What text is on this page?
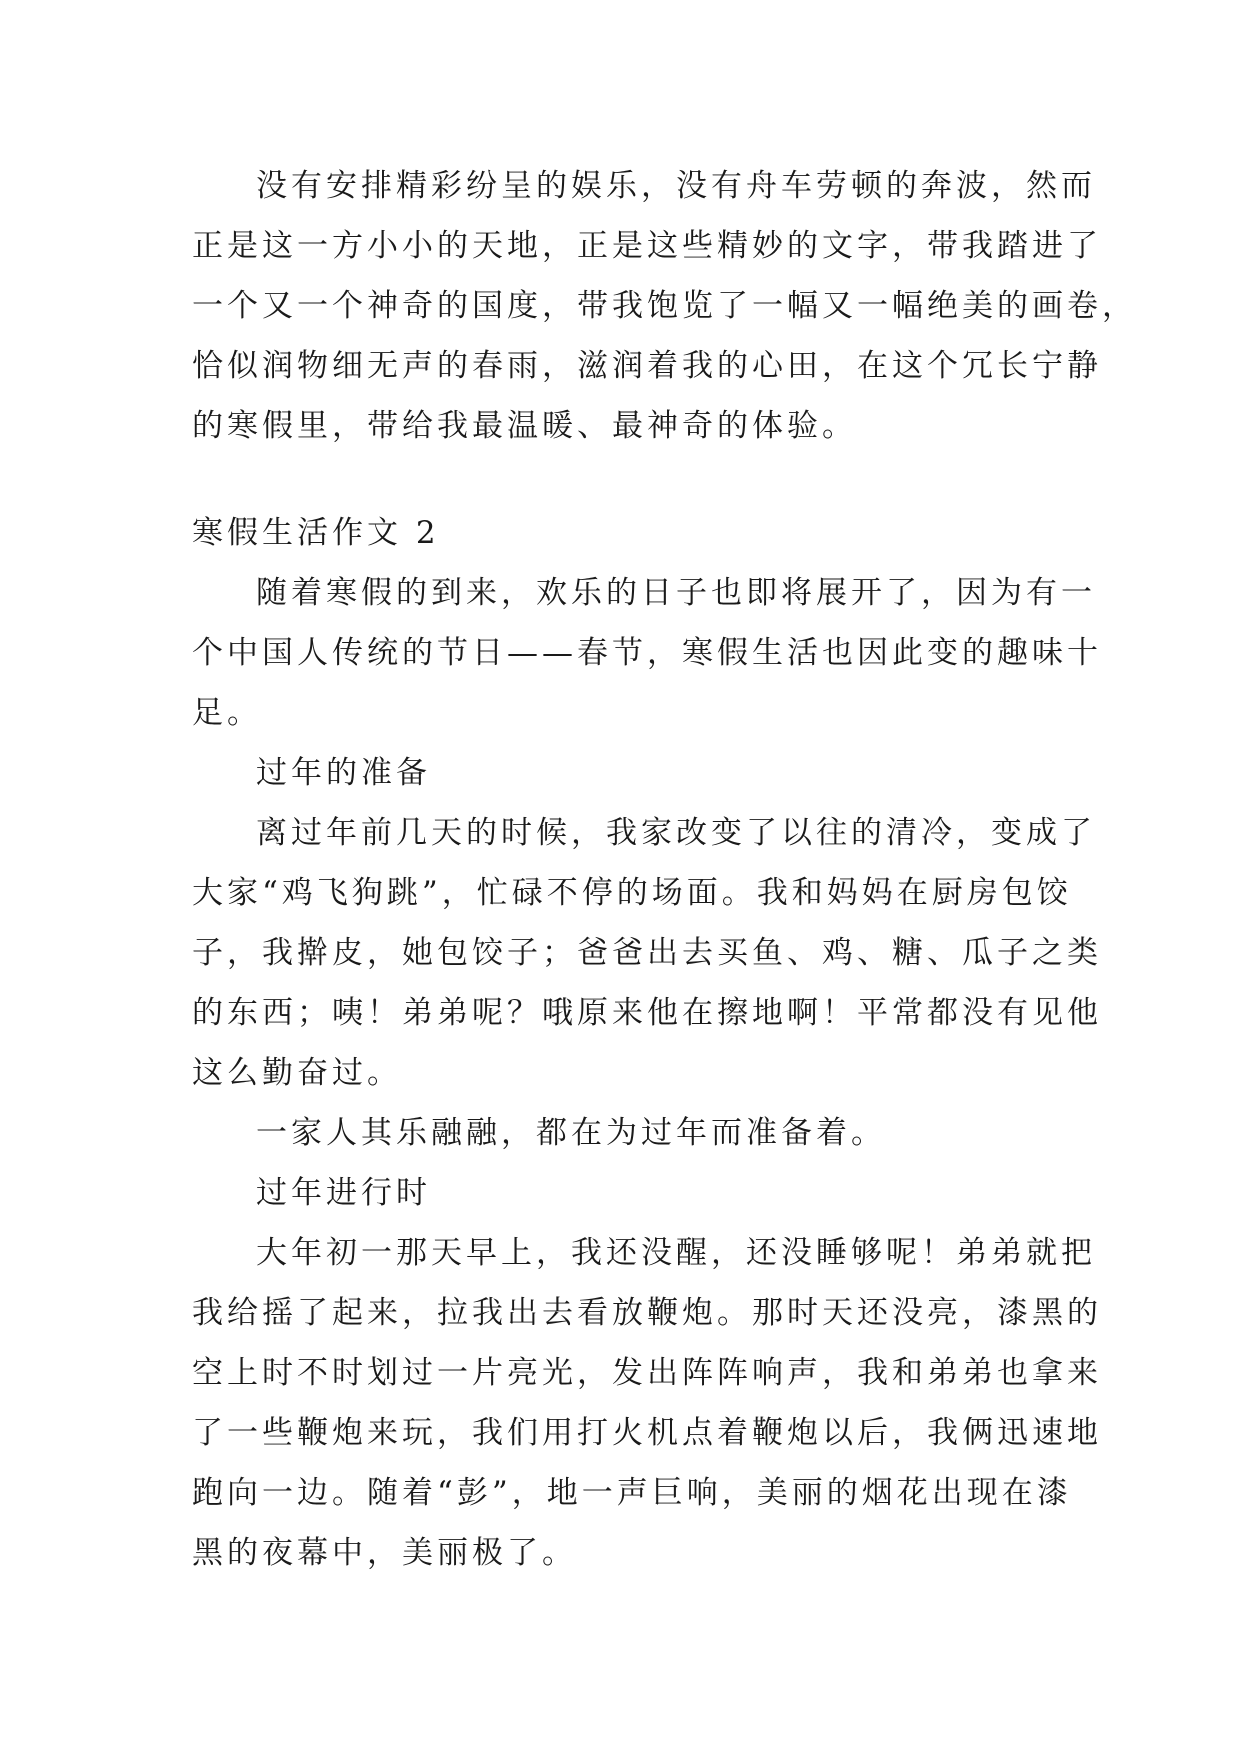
没有安排精彩纷呈的娱乐，没有舟车劳顿的奔波，然而
正是这一方小小的天地，正是这些精妙的文字，带我踏进了
一个又一个神奇的国度，带我饱览了一幅又一幅绝美的画卷，
恰似润物细无声的春雨，滋润着我的心田，在这个冗长宁静
的寒假里，带给我最温暖、最神奇的体验。
寒假生活作文 2
随着寒假的到来，欢乐的日子也即将展开了，因为有一
个中国人传统的节日——春节，寒假生活也因此变的趣味十
足。
过年的准备
离过年前几天的时候，我家改变了以往的清冷，变成了
大家“鸡飞狗跳”，忙碌不停的场面。我和妈妈在厨房包饺
子，我擀皮，她包饺子；爸爸出去买鱼、鸡、糖、瓜子之类
的东西；咦！弟弟呢？哦原来他在擦地啊！平常都没有见他
这么勤奋过。
一家人其乐融融，都在为过年而准备着。
过年进行时
大年初一那天早上，我还没醒，还没睡够呢！弟弟就把
我给摇了起来，拉我出去看放鞭炮。那时天还没亮，漆黑的
空上时不时划过一片亮光，发出阵阵响声，我和弟弟也拿来
了一些鞭炮来玩，我们用打火机点着鞭炮以后，我俩迅速地
跑向一边。随着“彭”，地一声巨响，美丽的烟花出现在漆
黑的夜幕中，美丽极了。
